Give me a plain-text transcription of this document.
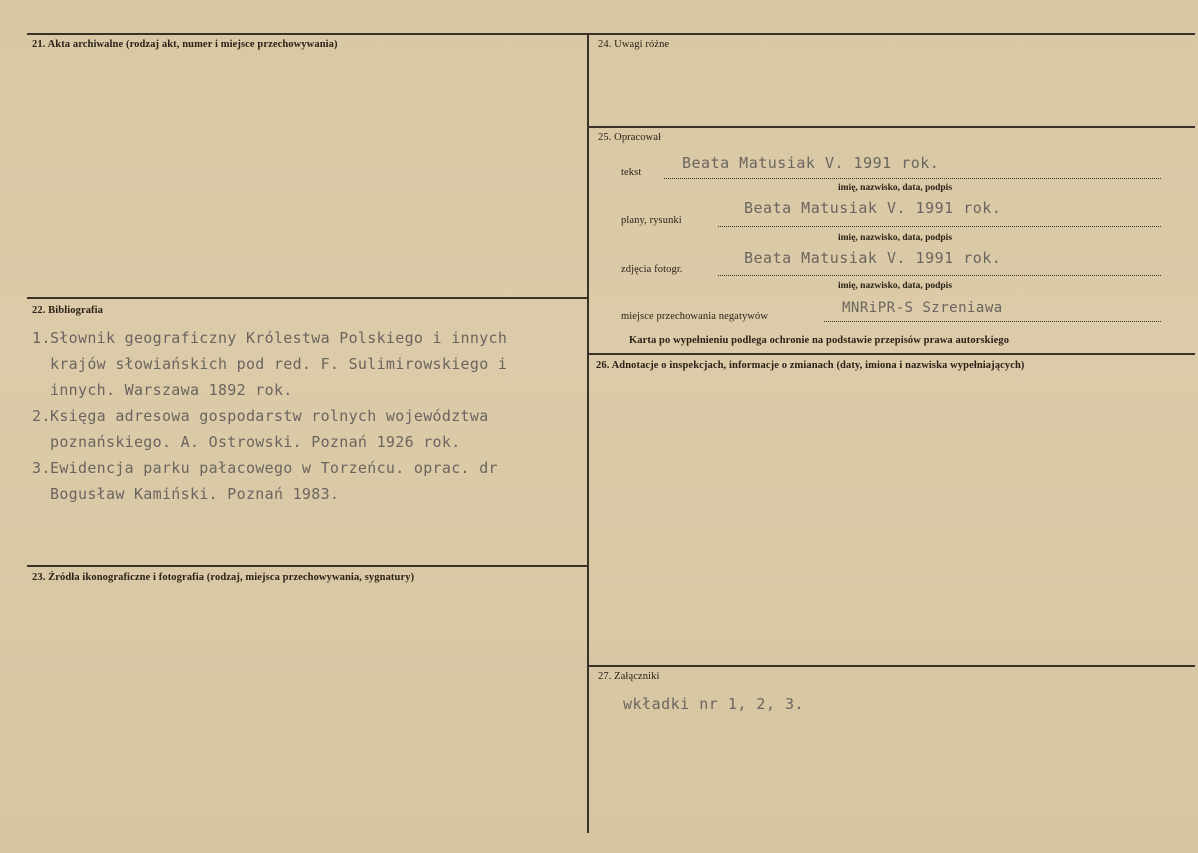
21. Akta archiwalne (rodzaj akt, numer i miejsce przechowywania)
22. Bibliografia
1.Słownik geograficzny Królestwa Polskiego i innych
krajów słowiańskich pod red. F. Sulimirowskiego i
innych. Warszawa 1892 rok.
2.Księga adresowa gospodarstw rolnych województwa
poznańskiego. A. Ostrowski. Poznań 1926 rok.
3.Ewidencja parku pałacowego w Torzeńcu. oprac. dr
Bogusław Kamiński. Poznań 1983.
23. Źródła ikonograficzne i fotografia (rodzaj, miejsca przechowywania, sygnatury)
24. Uwagi różne
25. Opracował
tekst
Beata Matusiak V. 1991 rok.
imię, nazwisko, data, podpis
plany, rysunki
Beata Matusiak V. 1991 rok.
imię, nazwisko, data, podpis
zdjęcia fotogr.
Beata Matusiak V. 1991 rok.
imię, nazwisko, data, podpis
miejsce przechowania negatywów
MNRiPR-S Szreniawa
Karta po wypełnieniu podlega ochronie na podstawie przepisów prawa autorskiego
26. Adnotacje o inspekcjach, informacje o zmianach (daty, imiona i nazwiska wypełniających)
27. Załączniki
wkładki nr 1, 2, 3.
